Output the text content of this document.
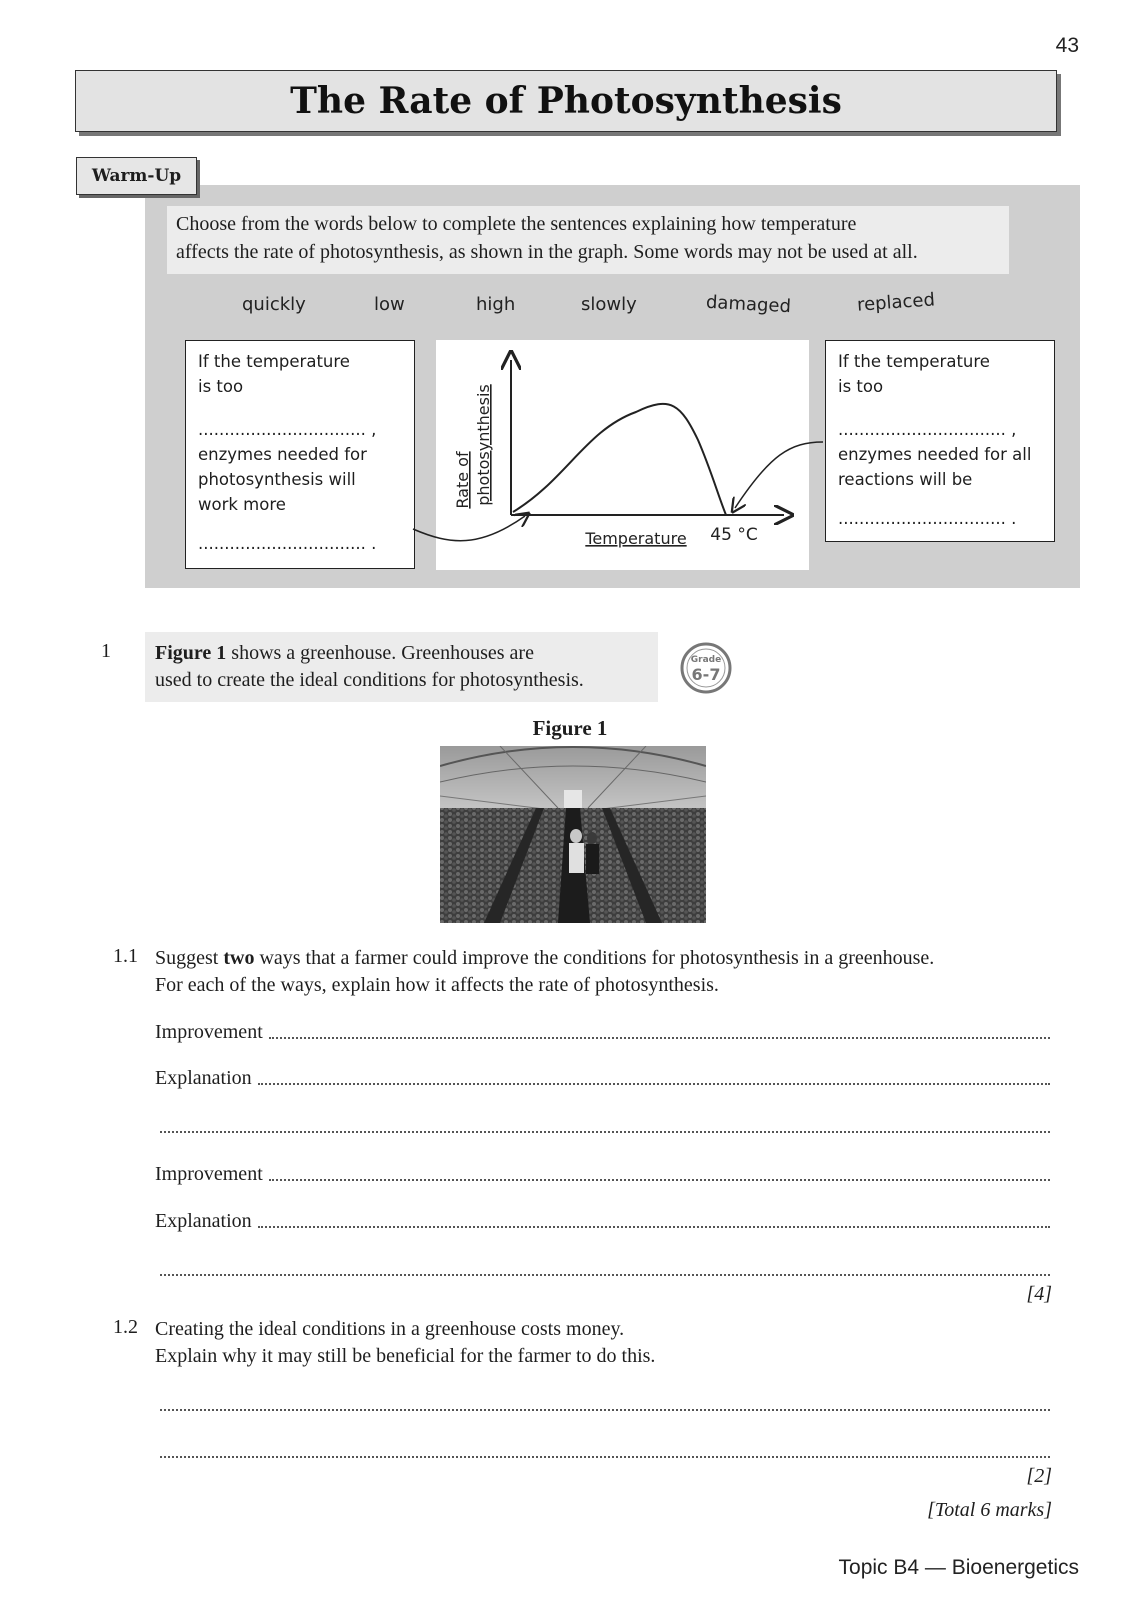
43
The Rate of Photosynthesis
Warm-Up
Choose from the words below to complete the sentences explaining how temperature
affects the rate of photosynthesis, as shown in the graph. Some words may not be used at all.
quickly	low	high	slowly	damaged	replaced
If the temperature
is too
................................ ,
enzymes needed for
photosynthesis will
work more
................................ .
Rate of photosynthesis
Temperature 45 °C
If the temperature
is too
................................ ,
enzymes needed for all
reactions will be
................................ .
1 Figure 1 shows a greenhouse. Greenhouses are
used to create the ideal conditions for photosynthesis.
Grade
6-7
Figure 1
1.1 Suggest two ways that a farmer could improve the conditions for photosynthesis in a greenhouse.
For each of the ways, explain how it affects the rate of photosynthesis.
Improvement
Explanation
Improvement
Explanation
[4]
1.2 Creating the ideal conditions in a greenhouse costs money.
Explain why it may still be beneficial for the farmer to do this.
[2]
[Total 6 marks]
Topic B4 — Bioenergetics
